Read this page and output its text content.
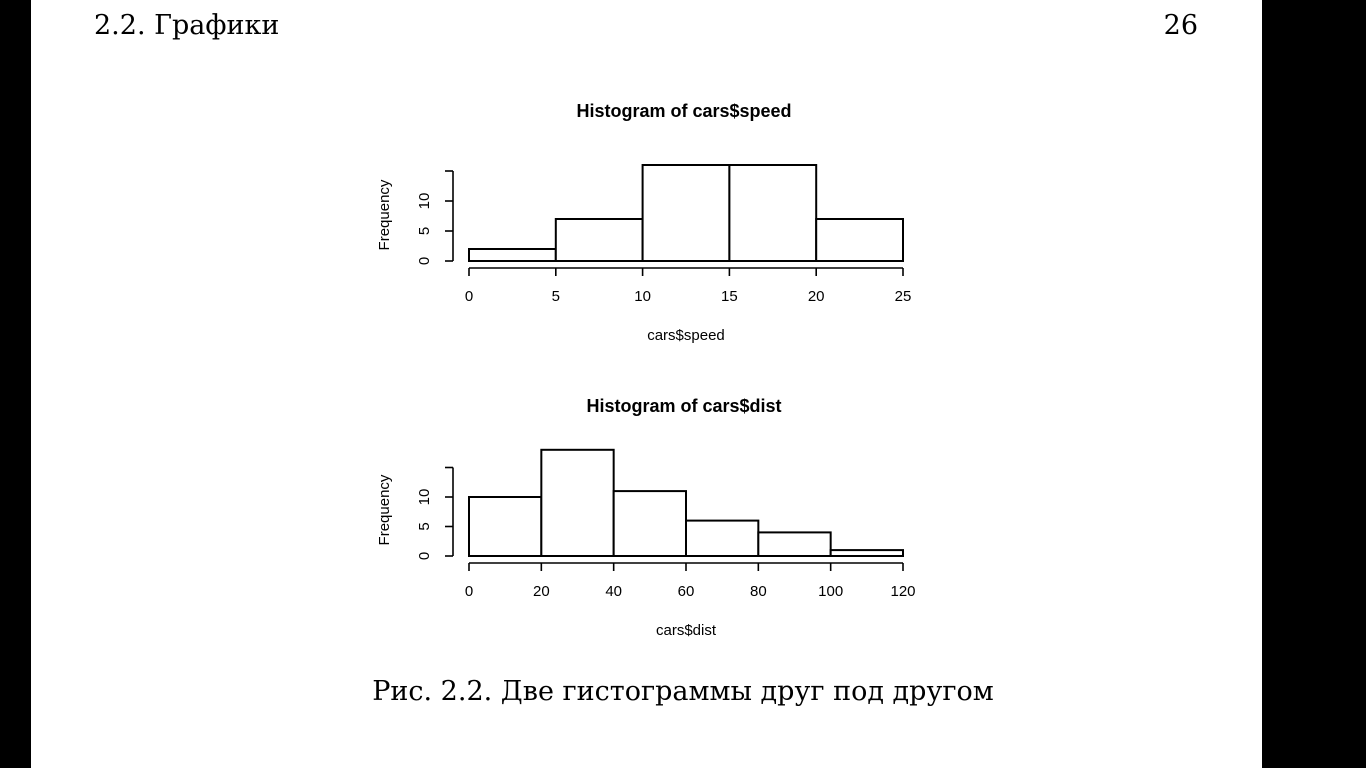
2.2. Графики	26
Histogram of cars$speed
0	5	10	15	20	25
cars$speed
0
5
10
Frequency
Histogram of cars$dist
0	20	40	60	80	100	120
cars$dist
0
5
10
Frequency
Рис. 2.2. Две гистограммы друг под другом
